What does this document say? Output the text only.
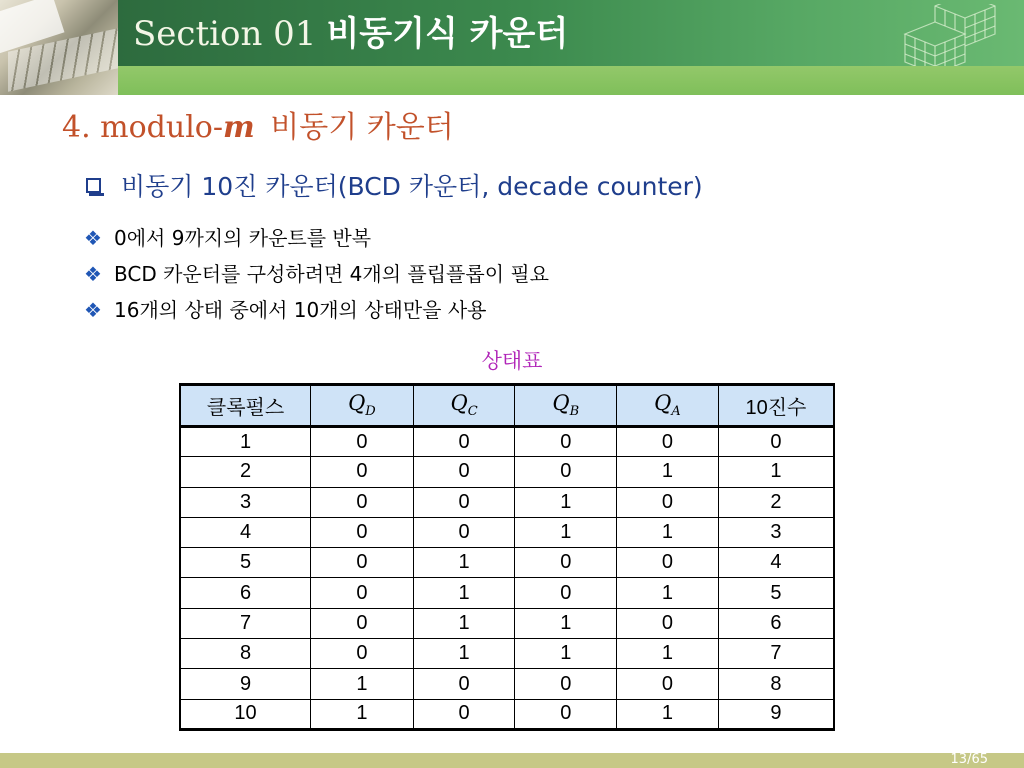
Section 01 비동기식 카운터
4. modulo-m 비동기 카운터
비동기 10진 카운터(BCD 카운터, decade counter)
❖ 0에서 9까지의 카운트를 반복
❖ BCD 카운터를 구성하려면 4개의 플립플롭이 필요
❖ 16개의 상태 중에서 10개의 상태만을 사용
상태표
클록펄스	$Q_D$	$Q_C$	$Q_B$	$Q_A$	10진수
1	0	0	0	0	0
2	0	0	0	1	1
3	0	0	1	0	2
4	0	0	1	1	3
5	0	1	0	0	4
6	0	1	0	1	5
7	0	1	1	0	6
8	0	1	1	1	7
9	1	0	0	0	8
10	1	0	0	1	9
13/65
